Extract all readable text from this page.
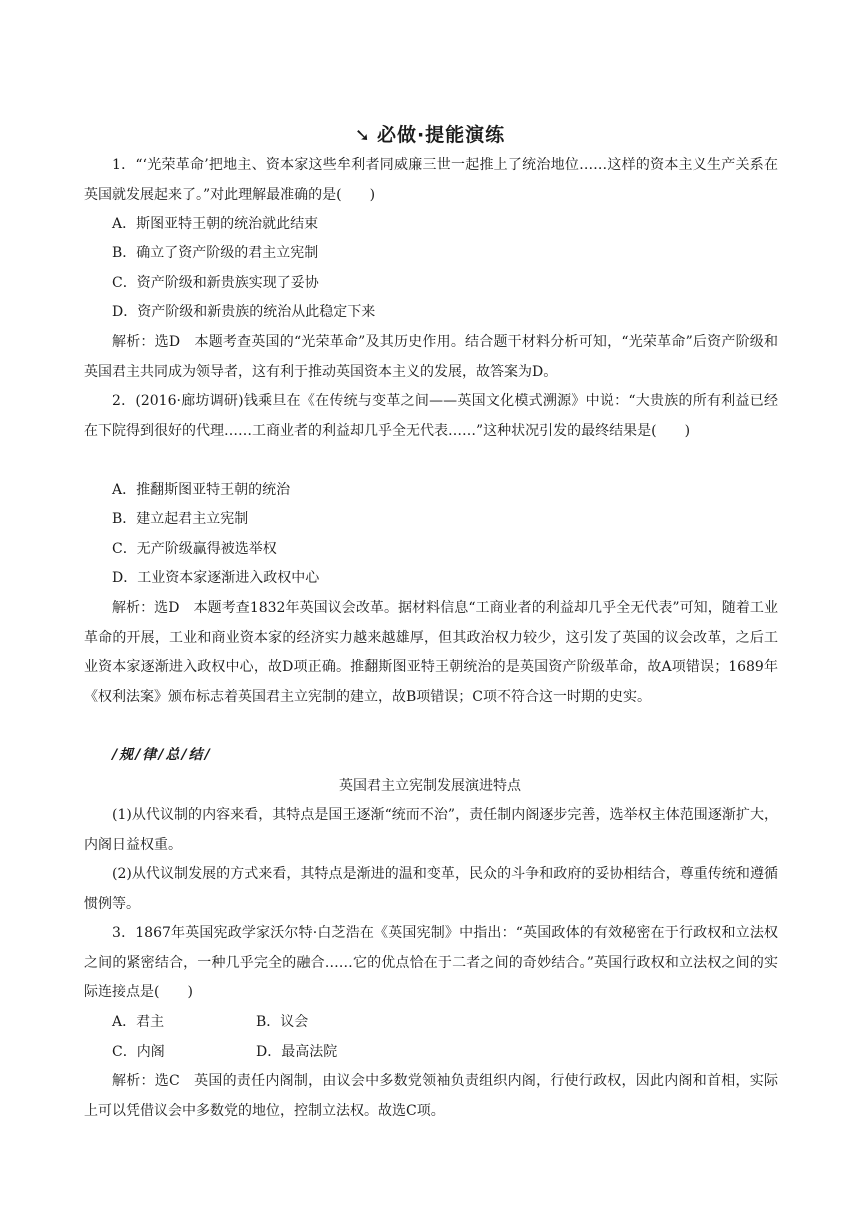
➘ 必做·提能演练
1．“‘光荣革命’把地主、资本家这些牟利者同威廉三世一起推上了统治地位……这样的资本主义生产关系在英国就发展起来了。”对此理解最准确的是(　　)
A．斯图亚特王朝的统治就此结束
B．确立了资产阶级的君主立宪制
C．资产阶级和新贵族实现了妥协
D．资产阶级和新贵族的统治从此稳定下来
解析：选D　本题考查英国的“光荣革命”及其历史作用。结合题干材料分析可知，“光荣革命”后资产阶级和英国君主共同成为领导者，这有利于推动英国资本主义的发展，故答案为D。
2．(2016·廊坊调研)钱乘旦在《在传统与变革之间——英国文化模式溯源》中说：“大贵族的所有利益已经在下院得到很好的代理……工商业者的利益却几乎全无代表……”这种状况引发的最终结果是(　　)
A．推翻斯图亚特王朝的统治
B．建立起君主立宪制
C．无产阶级赢得被选举权
D．工业资本家逐渐进入政权中心
解析：选D　本题考查1832年英国议会改革。据材料信息“工商业者的利益却几乎全无代表”可知，随着工业革命的开展，工业和商业资本家的经济实力越来越雄厚，但其政治权力较少，这引发了英国的议会改革，之后工业资本家逐渐进入政权中心，故D项正确。推翻斯图亚特王朝统治的是英国资产阶级革命，故A项错误；1689年《权利法案》颁布标志着英国君主立宪制的建立，故B项错误；C项不符合这一时期的史实。
/规/律/总/结/
英国君主立宪制发展演进特点
(1)从代议制的内容来看，其特点是国王逐渐“统而不治”，责任制内阁逐步完善，选举权主体范围逐渐扩大，内阁日益权重。
(2)从代议制发展的方式来看，其特点是渐进的温和变革，民众的斗争和政府的妥协相结合，尊重传统和遵循惯例等。
3．1867年英国宪政学家沃尔特·白芝浩在《英国宪制》中指出：“英国政体的有效秘密在于行政权和立法权之间的紧密结合，一种几乎完全的融合……它的优点恰在于二者之间的奇妙结合。”英国行政权和立法权之间的实际连接点是(　　)
A．君主	B．议会
C．内阁	D．最高法院
解析：选C　英国的责任内阁制，由议会中多数党领袖负责组织内阁，行使行政权，因此内阁和首相，实际上可以凭借议会中多数党的地位，控制立法权。故选C项。
